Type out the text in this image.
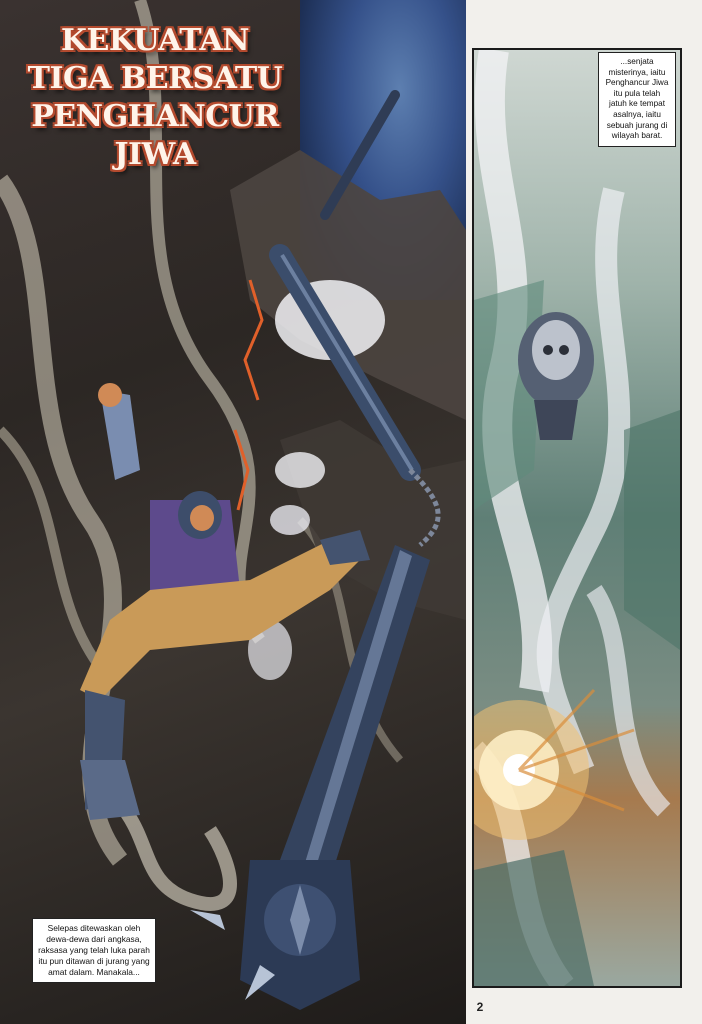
KEKUATAN
TIGA BERSATU
PENGHANCUR
JIWA
Selepas ditewaskan oleh dewa-dewa dari angkasa, raksasa yang telah luka parah itu pun ditawan di jurang yang amat dalam. Manakala...
...senjata misterinya, iaitu Penghancur Jiwa itu pula telah jatuh ke tempat asalnya, iaitu sebuah jurang di wilayah barat.
2
